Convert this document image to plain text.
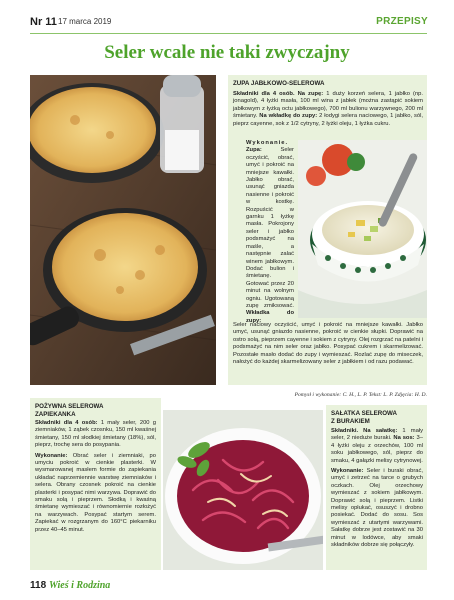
Nr 11 17 marca 2019	PRZEPISY
Seler wcale nie taki zwyczajny
ZUPA JABŁKOWO-SELEROWA
Składniki dla 4 osób. Na zupę: 1 duży korzeń selera, 1 jabłko (np. jonagold), 4 łyżki masła, 100 ml wina z jabłek (można zastąpić sokiem jabłkowym z łyżką octu jabłkowego), 700 ml bulionu warzywnego, 200 ml śmietany. Na wkładkę do zupy: 2 łodygi selera naciowego, 1 jabłko, sól, pieprz cayenne, sok z 1/2 cytryny, 2 łyżki oleju, 1 łyżka cukru.
Wykonanie. Zupa:	Seler oczyścić, obrać, umyć i pokroić na mniejsze kawałki. Jabłko obrać, usunąć gniazda nasienne i pokroić w kostkę. Rozpuścić w garnku 1 łyżkę masła. Pokrojony seler i jabłko podsmażyć na maśle, a następnie zalać winem jabłkowym. Dodać bulion i śmietanę. Gotować przez 20 minut na wolnym ogniu. Ugotowaną zupę zmiksować. Wkładka do zupy:
Seler naciowy oczyścić, umyć i pokroić na mniejsze kawałki. Jabłko umyć, usunąć gniazdo nasienne, pokroić w cienkie słupki. Doprawić na ostro solą, pieprzem cayenne i sokiem z cytryny. Olej rozgrzać na patelni i podsmażyć na nim seler oraz jabłko. Posypać cukrem i skarmelizować. Pozostałe masło dodać do zupy i wymieszać. Rozlać zupę do miseczek, nałożyć do każdej skarmelizowany seler z jabłkiem i od razu podawać.
Pomysł i wykonanie: C. H., L. P. Tekst: L. P. Zdjęcia: H. D.
POŻYWNA SELEROWA
ZAPIEKANKA
Składniki dla 4 osób: 1 mały seler, 200 g ziemniaków, 1 ząbek czosnku, 150 ml kwaśnej śmietany, 150 ml słodkiej śmietany (18%), sól, pieprz, trochę sera do posypania.
Wykonanie: Obrać seler i ziemniaki, po umyciu pokroić w cienkie plasterki. W wysmarowanej masłem formie do zapiekania układać naprzemiennie warstwę ziemniaków i selera. Obrany czosnek pokroić na cienkie plasterki i posypać nimi warzywa. Doprawić do smaku solą i pieprzem. Słodką i kwaśną śmietanę wymieszać i równomiernie rozłożyć na warzywach. Posypać startym serem. Zapiekać w rozgrzanym do 160°C piekarniku przez 40–45 minut.
SAŁATKA SELEROWA
Z BURAKIEM
Składniki. Na sałatkę: 1 mały seler, 2 nieduże buraki. Na sos: 3–4 łyżki oleju z orzechów, 100 ml soku jabłkowego, sól, pieprz do smaku, 4 gałązki melisy cytrynowej.
Wykonanie: Seler i buraki obrać, umyć i zetrzeć na tarce o grubych oczkach. Olej orzechowy wymieszać z sokiem jabłkowym. Doprawić solą i pieprzem. Listki melisy opłukać, osuszyć i drobno posiekać. Dodać do sosu. Sos wymieszać z utartymi warzywami. Sałatkę dobrze jest zostawić na 30 minut w lodówce, aby smaki składników dobrze się połączyły.
118 Wieś i Rodzina
